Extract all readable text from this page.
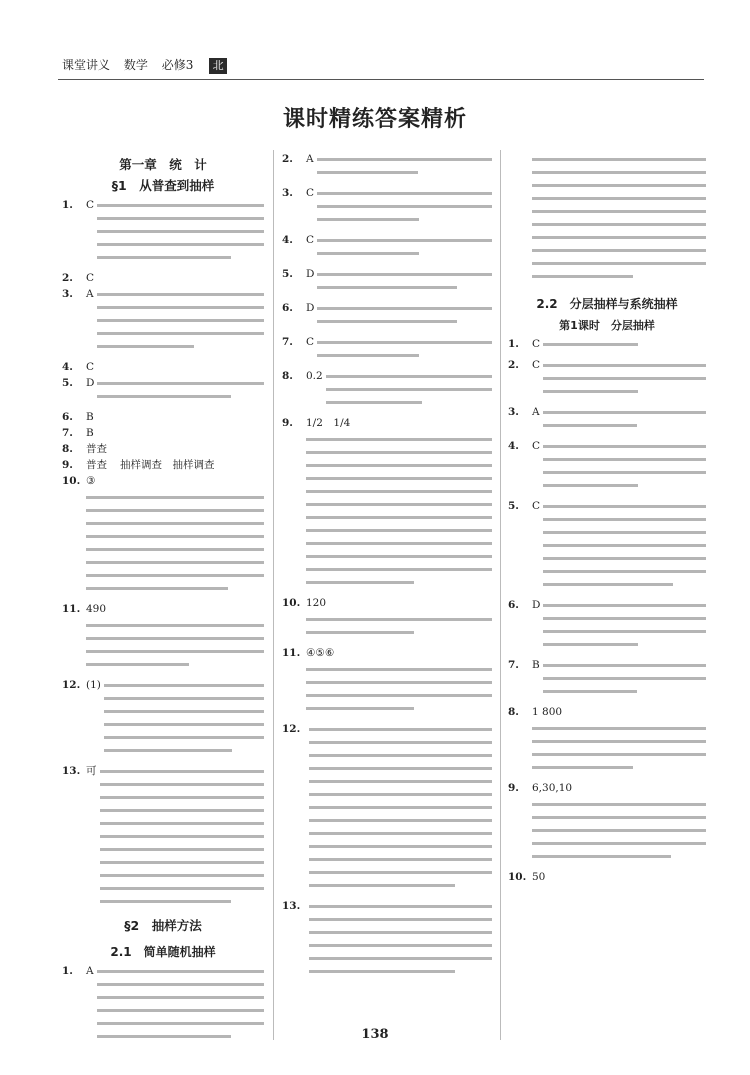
课堂讲义 数学 必修3 北
课时精练答案精析
第一章　统　计
§1　从普查到抽样
1.	C
2.	C
3.	A
4.	C
5.	D
6.	B
7.	B
8.	普查
9.	普查 抽样调查　抽样调查
10. ③
11. 490
12. (1)
13. 可
§2　抽样方法
2.1　简单随机抽样
1.	A
2.	A
3.	C
4.	C
5.	D
6.	D
7.	C
8.	0.2
9.	1/2　1/4
10. 120
11. ④⑤⑥
12.
13.
2.2　分层抽样与系统抽样
第1课时　分层抽样
1.	C
2.	C
3.	A
4.	C
5.	C
6.	D
7.	B
8.	1 800
9.	6,30,10
10. 50
138
